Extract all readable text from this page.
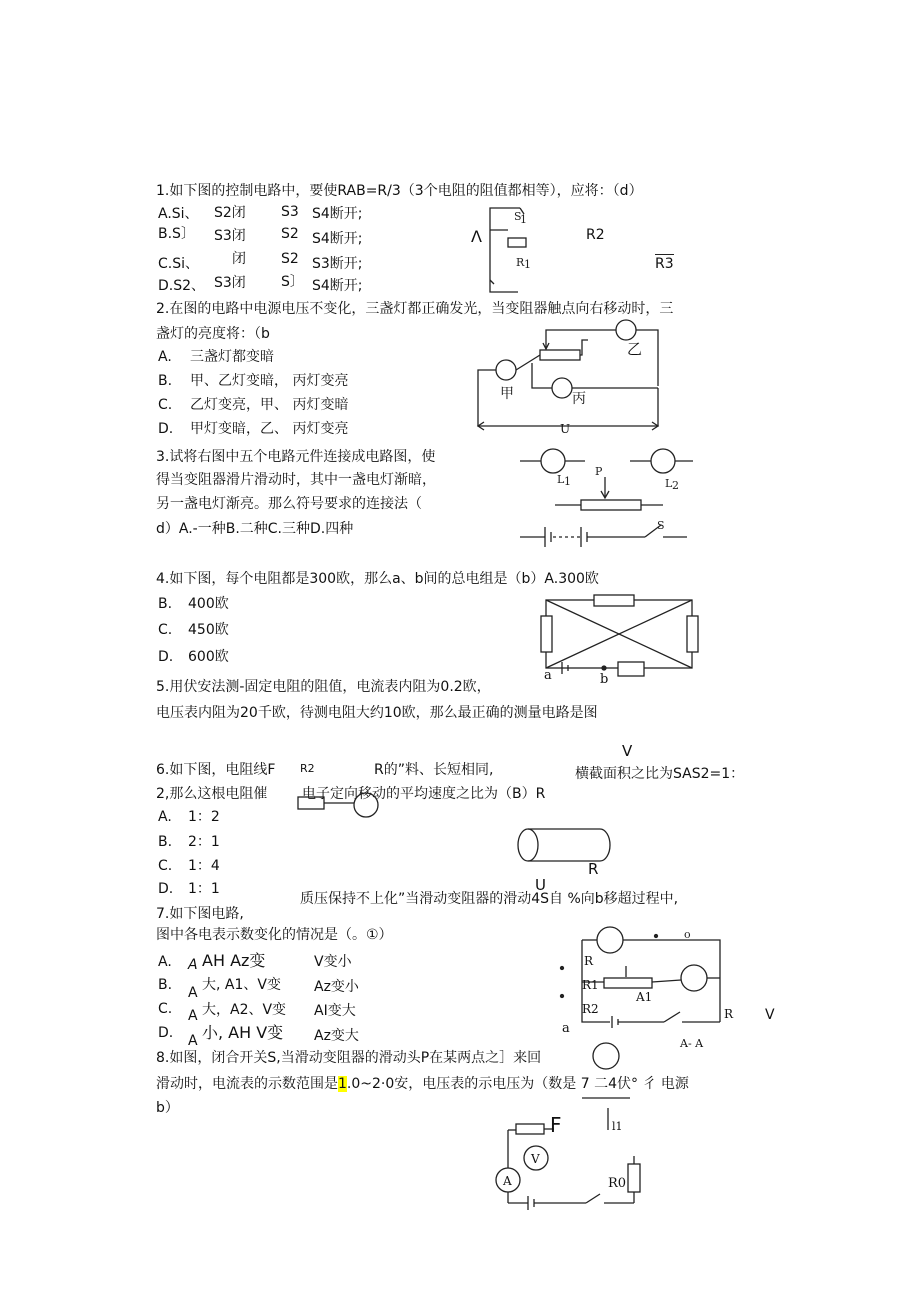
1.如下图的控制电路中，要使RAB=R/3（3个电阻的阻值都相等），应将：（d）
A.Si、 S2闭	S3 S4断开;
B.S〕 S3闭	S2 S4断开;
C.Si、 闭	S2 S3断开;
D.S2、 S3闭	S〕 S4断开;
Λ	R2
R3
S
1
R 1
2.在图的电路中电源电压不变化，三盏灯都正确发光，当变阻器触点向右移动时，三
盏灯的亮度将：（b
A. 三盏灯都变暗
B. 甲、乙灯变暗， 丙灯变亮
C. 乙灯变亮，甲、 丙灯变暗
D. 甲灯变暗，乙、 丙灯变亮
乙
甲	丙
U
3.试将右图中五个电路元件连接成电路图，使
得当变阻器滑片滑动时，其中一盏电灯渐暗，
另一盏电灯渐亮。那么符号要求的连接法（
d）A.-一种B.二种C.三种D.四种
L 1	L 2
P
S
4.如下图，每个电阻都是300欧，那么a、b间的总电组是（b）A.300欧
B. 400欧
C. 450欧
D. 600欧
a	b
5.用伏安法测-固定电阻的阻值，电流表内阻为0.2欧，
电压表内阻为20千欧，待测电阻大约10欧，那么最正确的测量电路是图
V
6.如下图，电阻线F R2	R的”料、长短相同,	横截面积之比为SAS2=1：
2,那么这根电阻催 电子定向移动的平均速度之比为（B）R
A. 1：2
B. 2：1
C. 1：4
D. 1：1
R
U
质压保持不上化”当滑动变阻器的滑动4S自 %向b移超过程中,
7.如下图电路,
图中各电表示数变化的情况是（。①）
A. A AH Az变	V变小
B. A 大, A1、V变 Az变小
C. A 大，A2、V变 AI变大
D. A 小, AH V变 Az变大
o
R
R1
R2
A1
a
R V
A- A
8.如图，闭合开关S,当滑动变阻器的滑动头P在某两点之］来回
滑动时，电流表的示数范围是1.0~2·0安，电压表的示电压为（数是 7 二4伏° 彳 电源
b）
l1
F
V
A	R0
